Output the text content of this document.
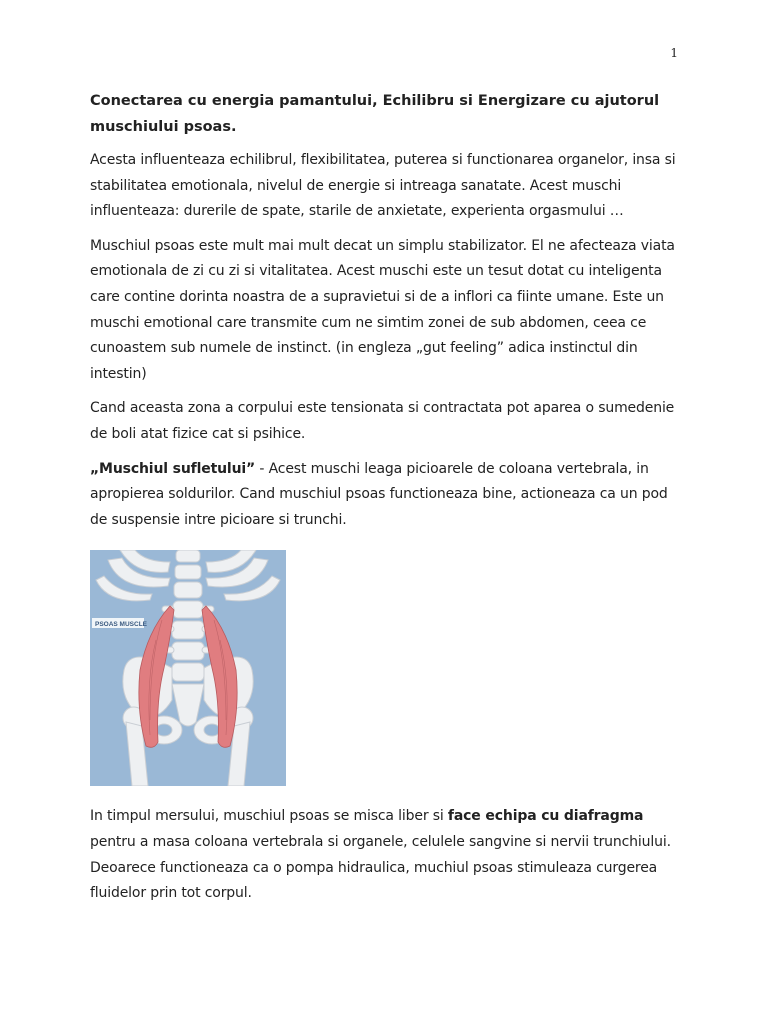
1
Conectarea cu energia pamantului, Echilibru si Energizare cu ajutorul muschiului psoas.

Acesta influenteaza echilibrul, flexibilitatea, puterea si functionarea organelor, insa si stabilitatea emotionala, nivelul de energie si intreaga sanatate. Acest muschi influenteaza: durerile de spate, starile de anxietate, experienta orgasmului …

Muschiul psoas este mult mai mult decat un simplu stabilizator. El ne afecteaza viata emotionala de zi cu zi si vitalitatea. Acest muschi este un tesut dotat cu inteligenta care contine dorinta noastra de a supravietui si de a inflori ca fiinte umane. Este un muschi emotional care transmite cum ne simtim zonei de sub abdomen, ceea ce cunoastem sub numele de instinct. (in engleza „gut feeling” adica instinctul din intestin)

Cand aceasta zona a corpului este tensionata si contractata pot aparea o sumedenie de boli atat fizice cat si psihice.

„Muschiul sufletului” - Acest muschi leaga picioarele de coloana vertebrala, in apropierea soldurilor. Cand muschiul psoas functioneaza bine, actioneaza ca un pod de suspensie intre picioare si trunchi.

PSOAS MUSCLE

In timpul mersului, muschiul psoas se misca liber si face echipa cu diafragma pentru a masa coloana vertebrala si organele, celulele sangvine si nervii trunchiului. Deoarece functioneaza ca o pompa hidraulica, muchiul psoas stimuleaza curgerea fluidelor prin tot corpul.
